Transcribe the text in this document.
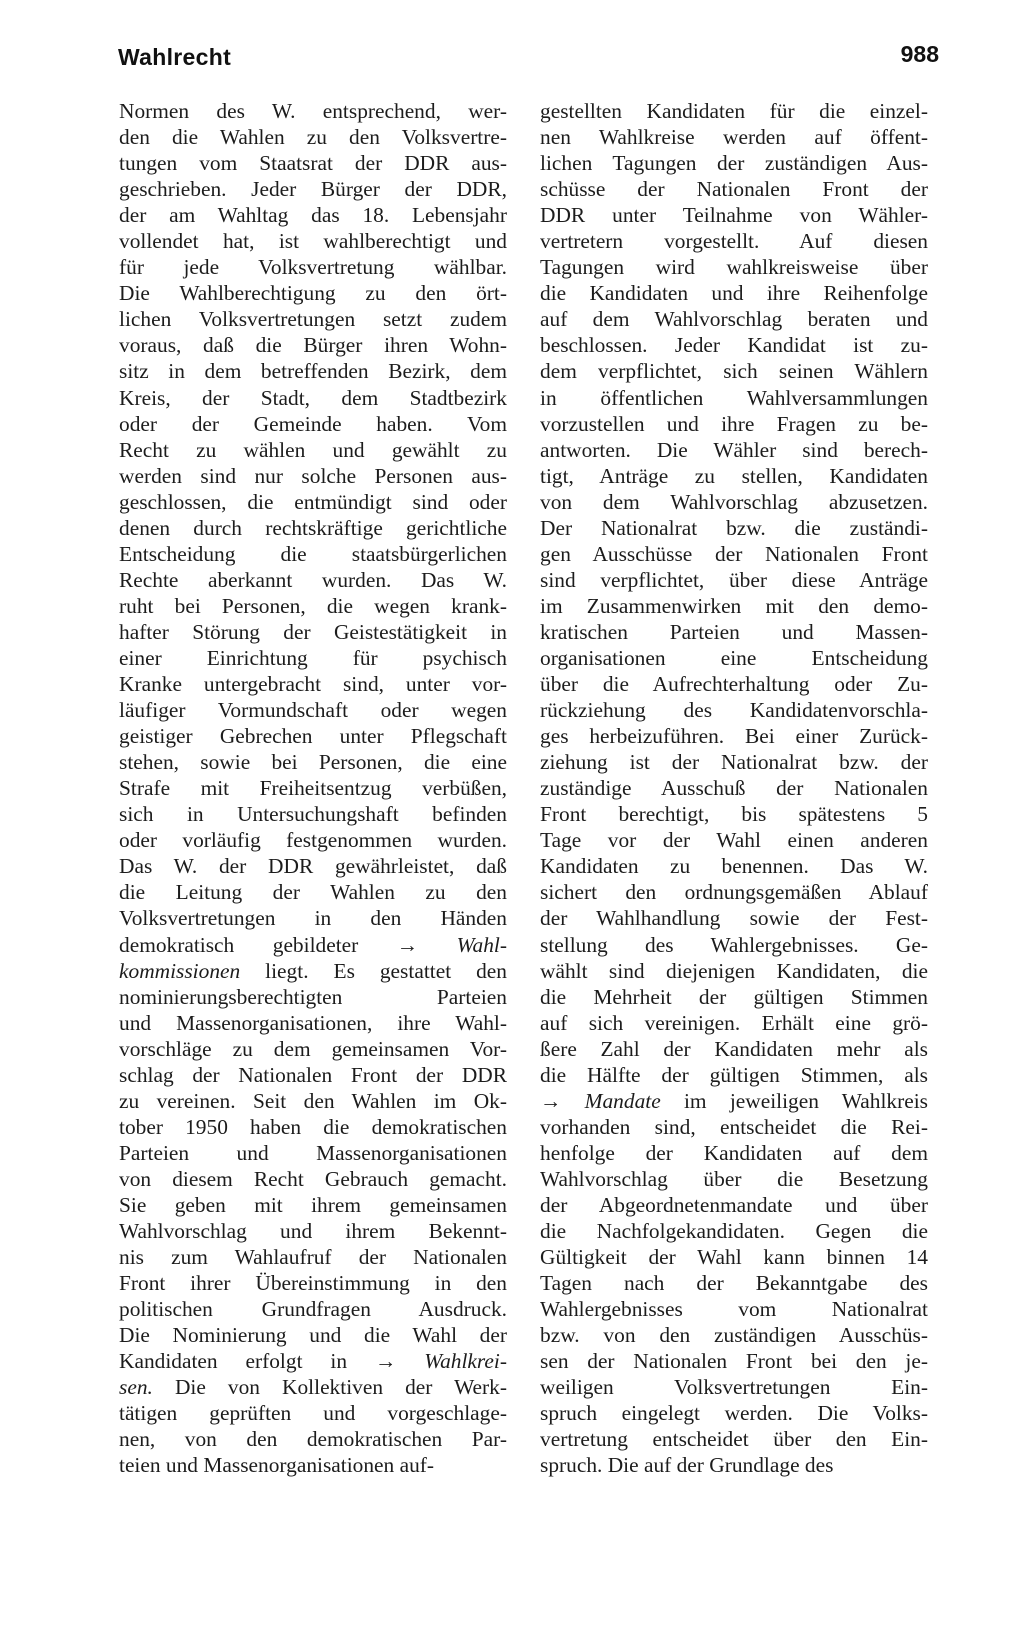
Wahlrecht	988
Normen des W. entsprechend, wer-
den die Wahlen zu den Volksvertre-
tungen vom Staatsrat der DDR aus-
geschrieben. Jeder Bürger der DDR,
der am Wahltag das 18. Lebensjahr
vollendet hat, ist wahlberechtigt und
für jede Volksvertretung wählbar.
Die Wahlberechtigung zu den ört-
lichen Volksvertretungen setzt zudem
voraus, daß die Bürger ihren Wohn-
sitz in dem betreffenden Bezirk, dem
Kreis, der Stadt, dem Stadtbezirk
oder der Gemeinde haben. Vom
Recht zu wählen und gewählt zu
werden sind nur solche Personen aus-
geschlossen, die entmündigt sind oder
denen durch rechtskräftige gerichtliche
Entscheidung die staatsbürgerlichen
Rechte aberkannt wurden. Das W.
ruht bei Personen, die wegen krank-
hafter Störung der Geistestätigkeit in
einer Einrichtung für psychisch
Kranke untergebracht sind, unter vor-
läufiger Vormundschaft oder wegen
geistiger Gebrechen unter Pflegschaft
stehen, sowie bei Personen, die eine
Strafe mit Freiheitsentzug verbüßen,
sich in Untersuchungshaft befinden
oder vorläufig festgenommen wurden.
Das W. der DDR gewährleistet, daß
die Leitung der Wahlen zu den
Volksvertretungen in den Händen
demokratisch gebildeter → Wahl-
kommissionen liegt. Es gestattet den
nominierungsberechtigten Parteien
und Massenorganisationen, ihre Wahl-
vorschläge zu dem gemeinsamen Vor-
schlag der Nationalen Front der DDR
zu vereinen. Seit den Wahlen im Ok-
tober 1950 haben die demokratischen
Parteien und Massenorganisationen
von diesem Recht Gebrauch gemacht.
Sie geben mit ihrem gemeinsamen
Wahlvorschlag und ihrem Bekennt-
nis zum Wahlaufruf der Nationalen
Front ihrer Übereinstimmung in den
politischen Grundfragen Ausdruck.
Die Nominierung und die Wahl der
Kandidaten erfolgt in → Wahlkrei-
sen. Die von Kollektiven der Werk-
tätigen geprüften und vorgeschlage-
nen, von den demokratischen Par-
teien und Massenorganisationen auf-
gestellten Kandidaten für die einzel-
nen Wahlkreise werden auf öffent-
lichen Tagungen der zuständigen Aus-
schüsse der Nationalen Front der
DDR unter Teilnahme von Wähler-
vertretern vorgestellt. Auf diesen
Tagungen wird wahlkreisweise über
die Kandidaten und ihre Reihenfolge
auf dem Wahlvorschlag beraten und
beschlossen. Jeder Kandidat ist zu-
dem verpflichtet, sich seinen Wählern
in öffentlichen Wahlversammlungen
vorzustellen und ihre Fragen zu be-
antworten. Die Wähler sind berech-
tigt, Anträge zu stellen, Kandidaten
von dem Wahlvorschlag abzusetzen.
Der Nationalrat bzw. die zuständi-
gen Ausschüsse der Nationalen Front
sind verpflichtet, über diese Anträge
im Zusammenwirken mit den demo-
kratischen Parteien und Massen-
organisationen eine Entscheidung
über die Aufrechterhaltung oder Zu-
rückziehung des Kandidatenvorschla-
ges herbeizuführen. Bei einer Zurück-
ziehung ist der Nationalrat bzw. der
zuständige Ausschuß der Nationalen
Front berechtigt, bis spätestens 5
Tage vor der Wahl einen anderen
Kandidaten zu benennen. Das W.
sichert den ordnungsgemäßen Ablauf
der Wahlhandlung sowie der Fest-
stellung des Wahlergebnisses. Ge-
wählt sind diejenigen Kandidaten, die
die Mehrheit der gültigen Stimmen
auf sich vereinigen. Erhält eine grö-
ßere Zahl der Kandidaten mehr als
die Hälfte der gültigen Stimmen, als
→ Mandate im jeweiligen Wahlkreis
vorhanden sind, entscheidet die Rei-
henfolge der Kandidaten auf dem
Wahlvorschlag über die Besetzung
der Abgeordnetenmandate und über
die Nachfolgekandidaten. Gegen die
Gültigkeit der Wahl kann binnen 14
Tagen nach der Bekanntgabe des
Wahlergebnisses vom Nationalrat
bzw. von den zuständigen Ausschüs-
sen der Nationalen Front bei den je-
weiligen Volksvertretungen Ein-
spruch eingelegt werden. Die Volks-
vertretung entscheidet über den Ein-
spruch. Die auf der Grundlage des
